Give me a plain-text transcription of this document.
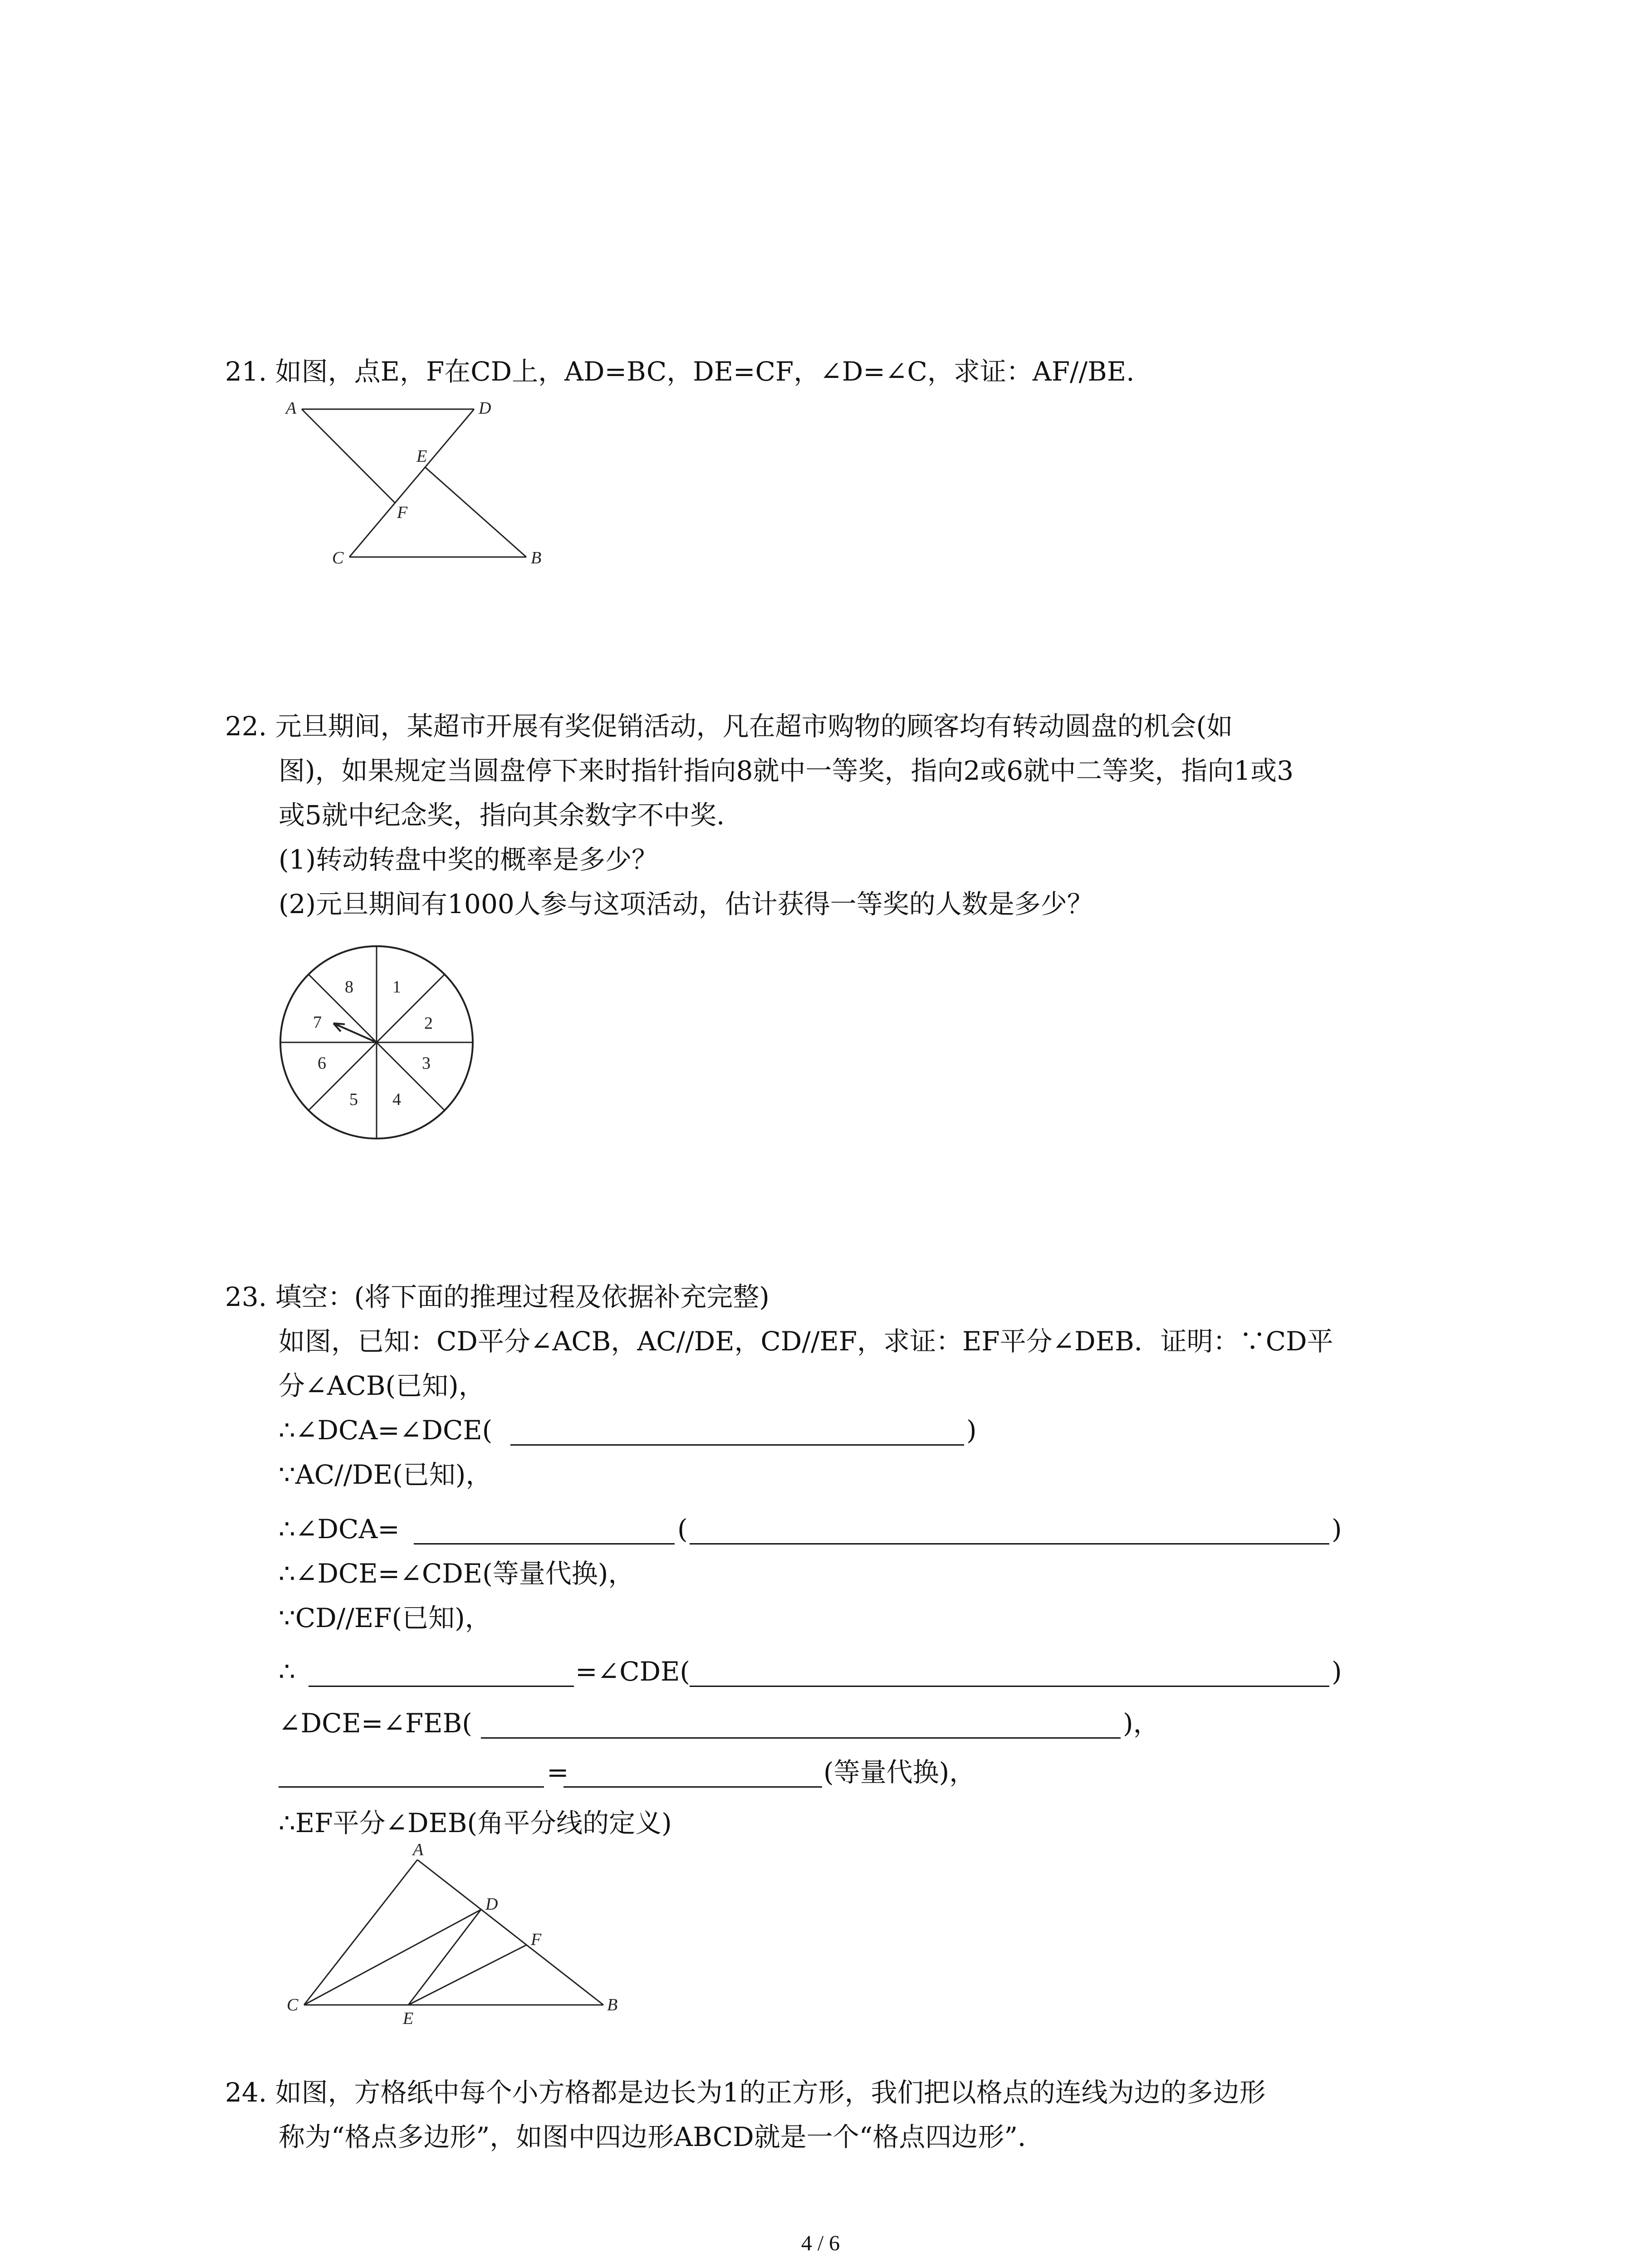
21. 如图，点E，F在CD上，AD=BC，DE=CF，∠D=∠C，求证：AF//BE.
A	D
E
F
C	B
22. 元旦期间，某超市开展有奖促销活动，凡在超市购物的顾客均有转动圆盘的机会(如
图)，如果规定当圆盘停下来时指针指向8就中一等奖，指向2或6就中二等奖，指向1或3
或5就中纪念奖，指向其余数字不中奖.
(1)转动转盘中奖的概率是多少？
(2)元旦期间有1000人参与这项活动，估计获得一等奖的人数是多少？
1
2
3
4
5
6
7
8
23. 填空：(将下面的推理过程及依据补充完整)
如图，已知：CD平分∠ACB，AC//DE，CD//EF，求证：EF平分∠DEB．证明：∵CD平
分∠ACB(已知)，
∴∠DCA=∠DCE(	)
∵AC//DE(已知)，
∴∠DCA=	(	)
∴∠DCE=∠CDE(等量代换)，
∵CD//EF(已知)，
∴	=∠CDE(	)
∠DCE=∠FEB(	)，
=	(等量代换)，
∴EF平分∠DEB(角平分线的定义)
A
D
F
C
E
B
24. 如图，方格纸中每个小方格都是边长为1的正方形，我们把以格点的连线为边的多边形
称为“格点多边形”，如图中四边形ABCD就是一个“格点四边形”．
4 / 6
